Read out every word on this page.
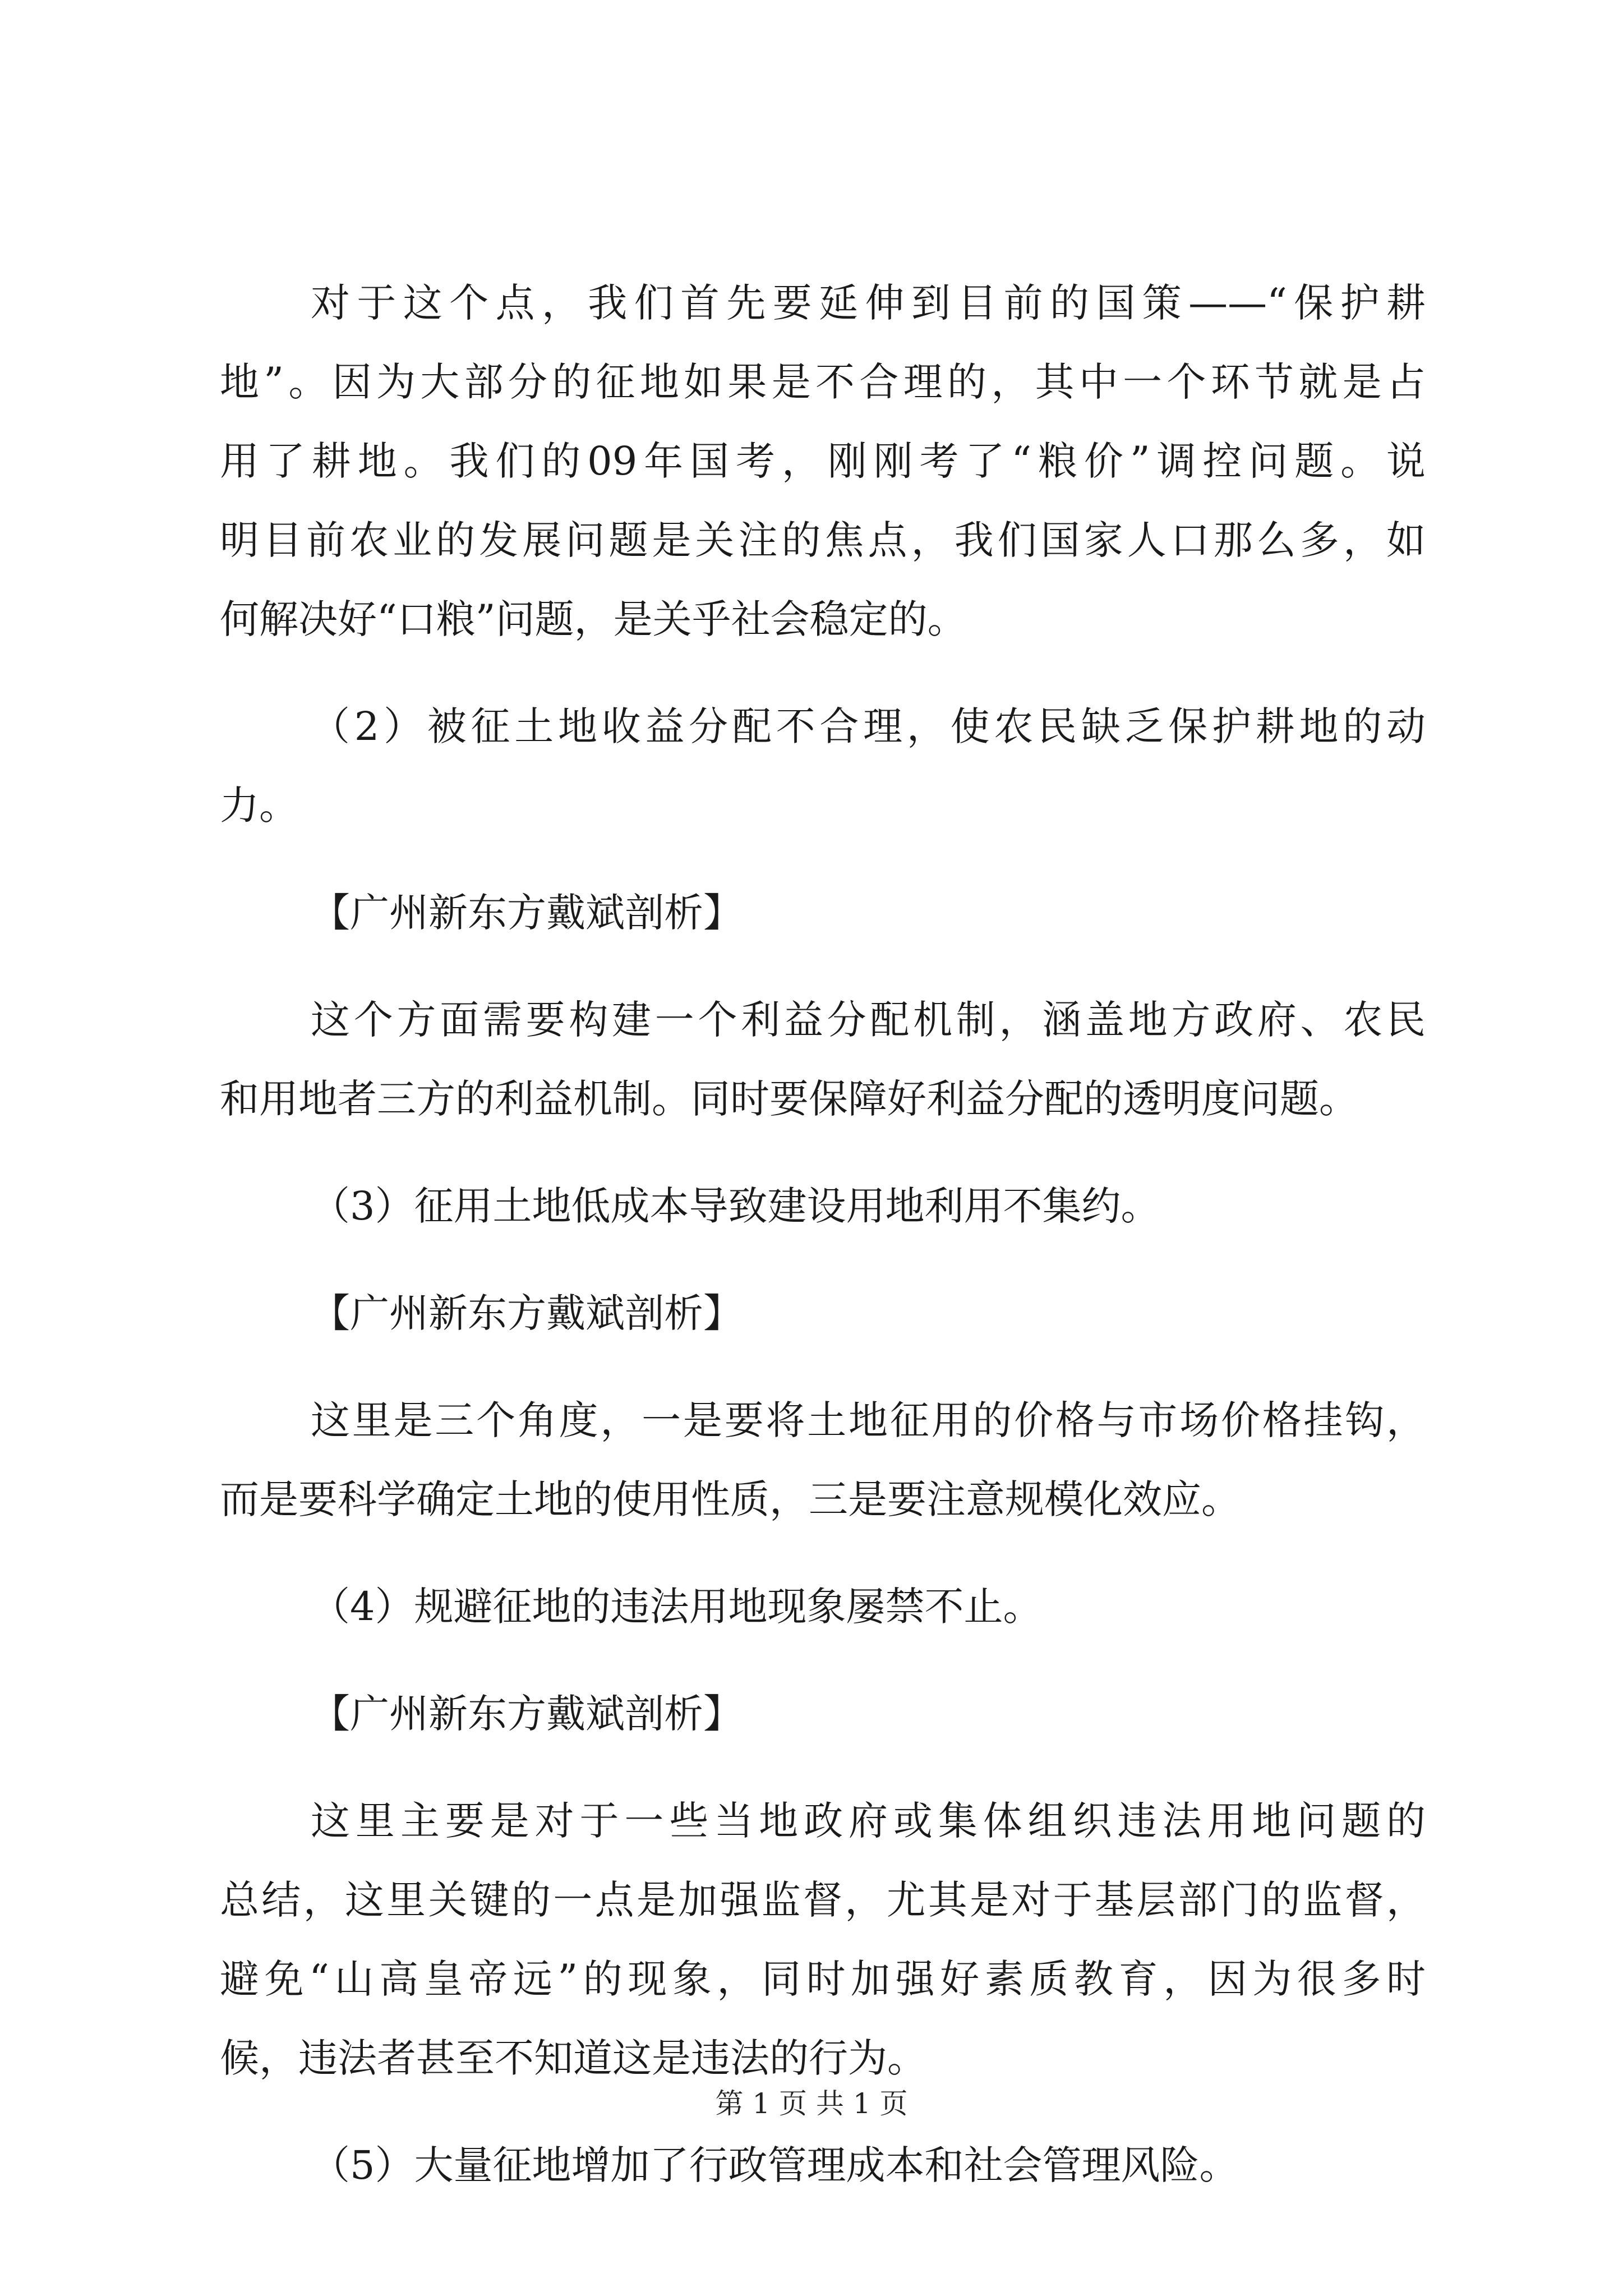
对于这个点，我们首先要延伸到目前的国策——“保护耕
地”。因为大部分的征地如果是不合理的，其中一个环节就是占
用了耕地。我们的09年国考，刚刚考了“粮价”调控问题。说
明目前农业的发展问题是关注的焦点，我们国家人口那么多，如
何解决好“口粮”问题，是关乎社会稳定的。
（2）被征土地收益分配不合理，使农民缺乏保护耕地的动
力。
【广州新东方戴斌剖析】
这个方面需要构建一个利益分配机制，涵盖地方政府、农民
和用地者三方的利益机制。同时要保障好利益分配的透明度问题。
（3）征用土地低成本导致建设用地利用不集约。
【广州新东方戴斌剖析】
这里是三个角度，一是要将土地征用的价格与市场价格挂钩，
而是要科学确定土地的使用性质，三是要注意规模化效应。
（4）规避征地的违法用地现象屡禁不止。
【广州新东方戴斌剖析】
这里主要是对于一些当地政府或集体组织违法用地问题的
总结，这里关键的一点是加强监督，尤其是对于基层部门的监督，
避免“山高皇帝远”的现象，同时加强好素质教育，因为很多时
候，违法者甚至不知道这是违法的行为。
（5）大量征地增加了行政管理成本和社会管理风险。
第 1 页 共 1 页
